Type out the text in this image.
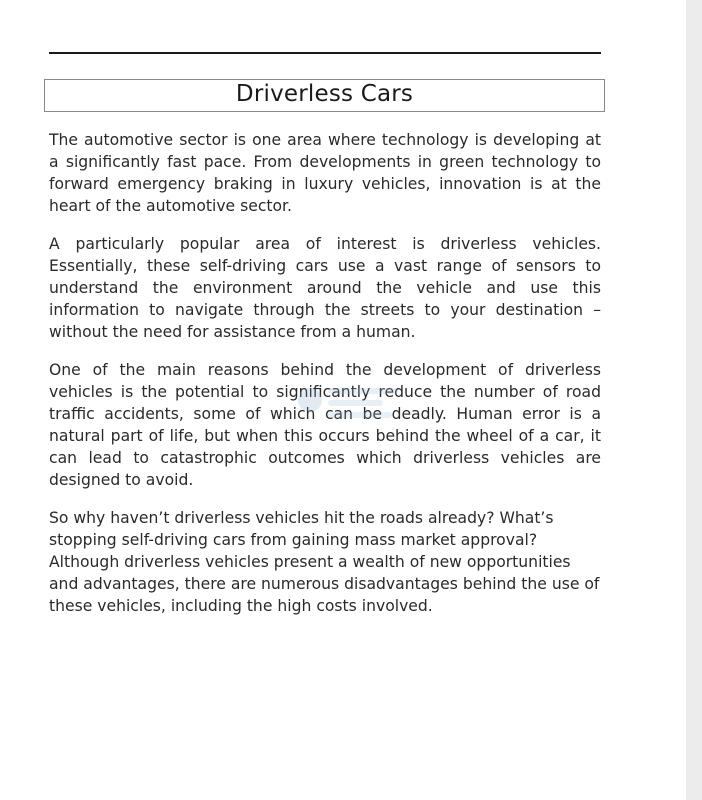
Driverless Cars

The automotive sector is one area where technology is developing at a significantly fast pace. From developments in green technology to forward emergency braking in luxury vehicles, innovation is at the heart of the automotive sector.

A particularly popular area of interest is driverless vehicles. Essentially, these self-driving cars use a vast range of sensors to understand the environment around the vehicle and use this information to navigate through the streets to your destination – without the need for assistance from a human.

One of the main reasons behind the development of driverless vehicles is the potential to significantly reduce the number of road traffic accidents, some of which can be deadly. Human error is a natural part of life, but when this occurs behind the wheel of a car, it can lead to catastrophic outcomes which driverless vehicles are designed to avoid.

So why haven’t driverless vehicles hit the roads already? What’s stopping self-driving cars from gaining mass market approval? Although driverless vehicles present a wealth of new opportunities and advantages, there are numerous disadvantages behind the use of these vehicles, including the high costs involved.
